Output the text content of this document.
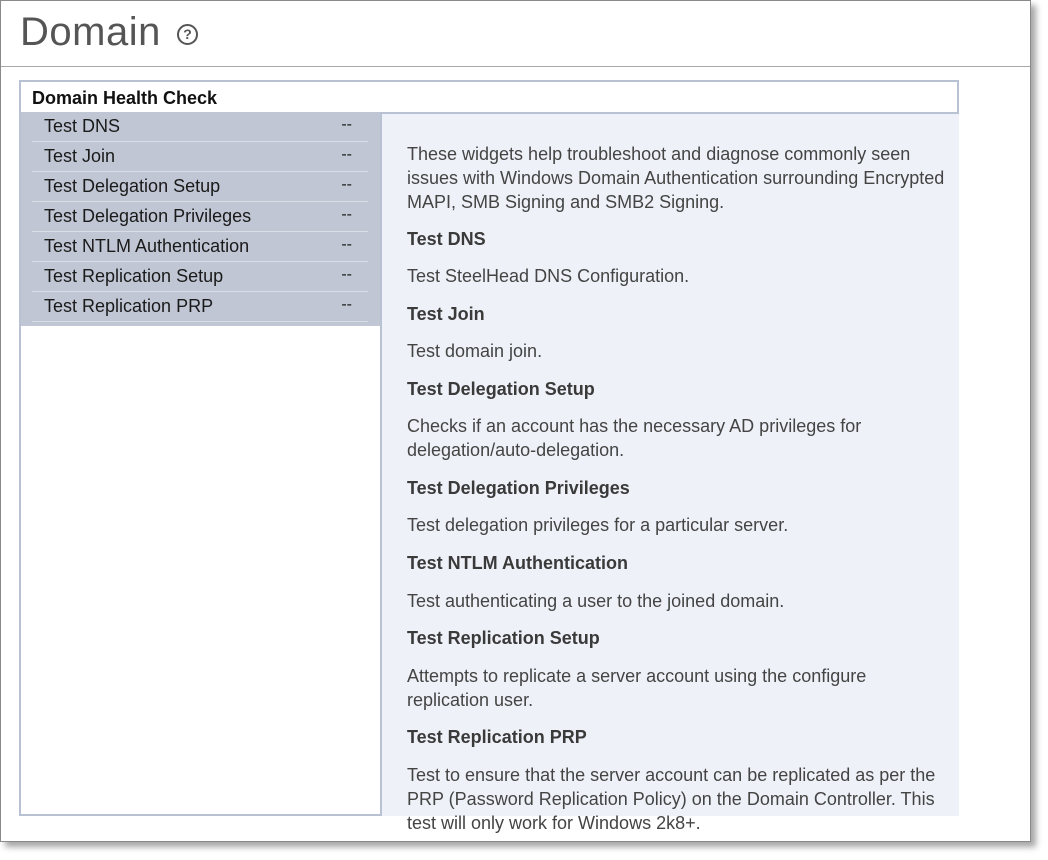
Domain	?
Domain Health Check
Test DNS	--
Test Join	--
Test Delegation Setup	--
Test Delegation Privileges	--
Test NTLM Authentication	--
Test Replication Setup	--
Test Replication PRP	--
These widgets help troubleshoot and diagnose commonly seen issues with Windows Domain Authentication surrounding Encrypted MAPI, SMB Signing and SMB2 Signing.
Test DNS
Test SteelHead DNS Configuration.
Test Join
Test domain join.
Test Delegation Setup
Checks if an account has the necessary AD privileges for delegation/auto-delegation.
Test Delegation Privileges
Test delegation privileges for a particular server.
Test NTLM Authentication
Test authenticating a user to the joined domain.
Test Replication Setup
Attempts to replicate a server account using the configure replication user.
Test Replication PRP
Test to ensure that the server account can be replicated as per the PRP (Password Replication Policy) on the Domain Controller. This test will only work for Windows 2k8+.
